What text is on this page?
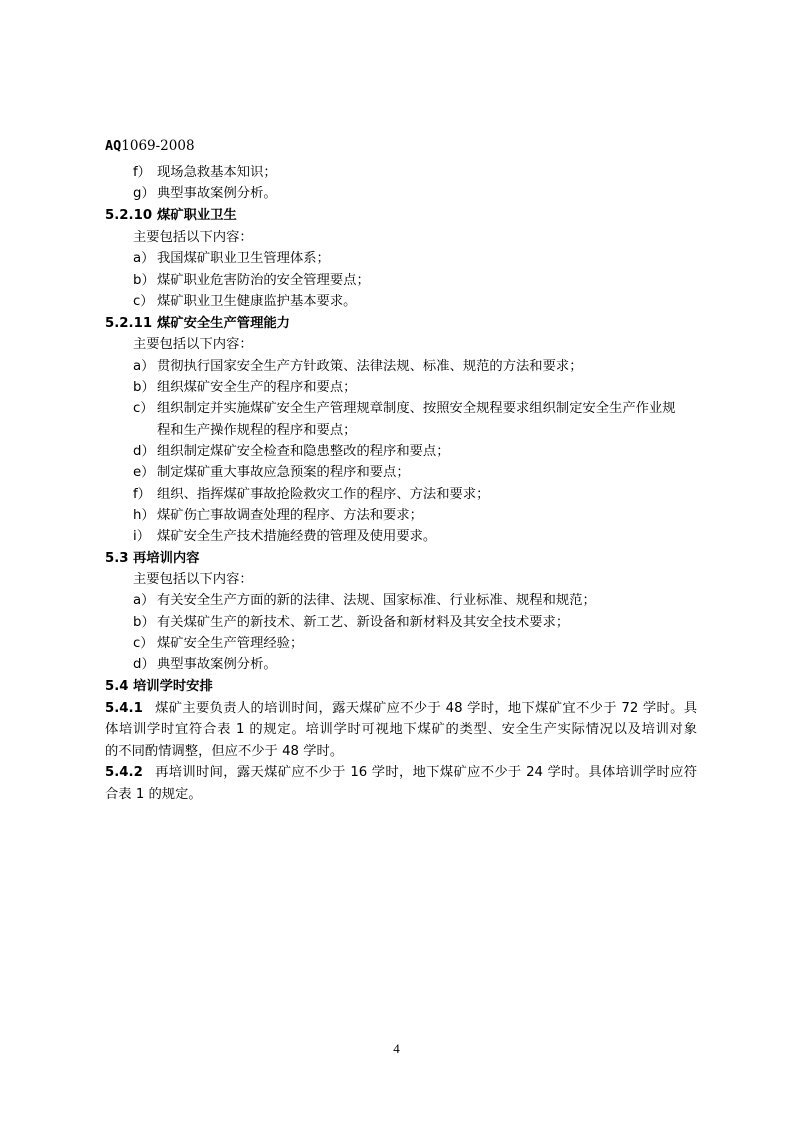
AQ1069-2008
f） 现场急救基本知识；
g） 典型事故案例分析。
5.2.10 煤矿职业卫生
主要包括以下内容：
a） 我国煤矿职业卫生管理体系；
b） 煤矿职业危害防治的安全管理要点；
c） 煤矿职业卫生健康监护基本要求。
5.2.11 煤矿安全生产管理能力
主要包括以下内容：
a） 贯彻执行国家安全生产方针政策、法律法规、标准、规范的方法和要求；
b） 组织煤矿安全生产的程序和要点；
c） 组织制定并实施煤矿安全生产管理规章制度、按照安全规程要求组织制定安全生产作业规
程和生产操作规程的程序和要点；
d） 组织制定煤矿安全检查和隐患整改的程序和要点；
e） 制定煤矿重大事故应急预案的程序和要点；
f） 组织、指挥煤矿事故抢险救灾工作的程序、方法和要求；
h） 煤矿伤亡事故调查处理的程序、方法和要求；
i） 煤矿安全生产技术措施经费的管理及使用要求。
5.3 再培训内容
主要包括以下内容：
a） 有关安全生产方面的新的法律、法规、国家标准、行业标准、规程和规范；
b） 有关煤矿生产的新技术、新工艺、新设备和新材料及其安全技术要求；
c） 煤矿安全生产管理经验；
d） 典型事故案例分析。
5.4 培训学时安排
5.4.1 煤矿主要负责人的培训时间，露天煤矿应不少于 48 学时，地下煤矿宜不少于 72 学时。具
体培训学时宜符合表 1 的规定。培训学时可视地下煤矿的类型、安全生产实际情况以及培训对象
的不同酌情调整，但应不少于 48 学时。
5.4.2 再培训时间，露天煤矿应不少于 16 学时，地下煤矿应不少于 24 学时。具体培训学时应符
合表 1 的规定。
4
